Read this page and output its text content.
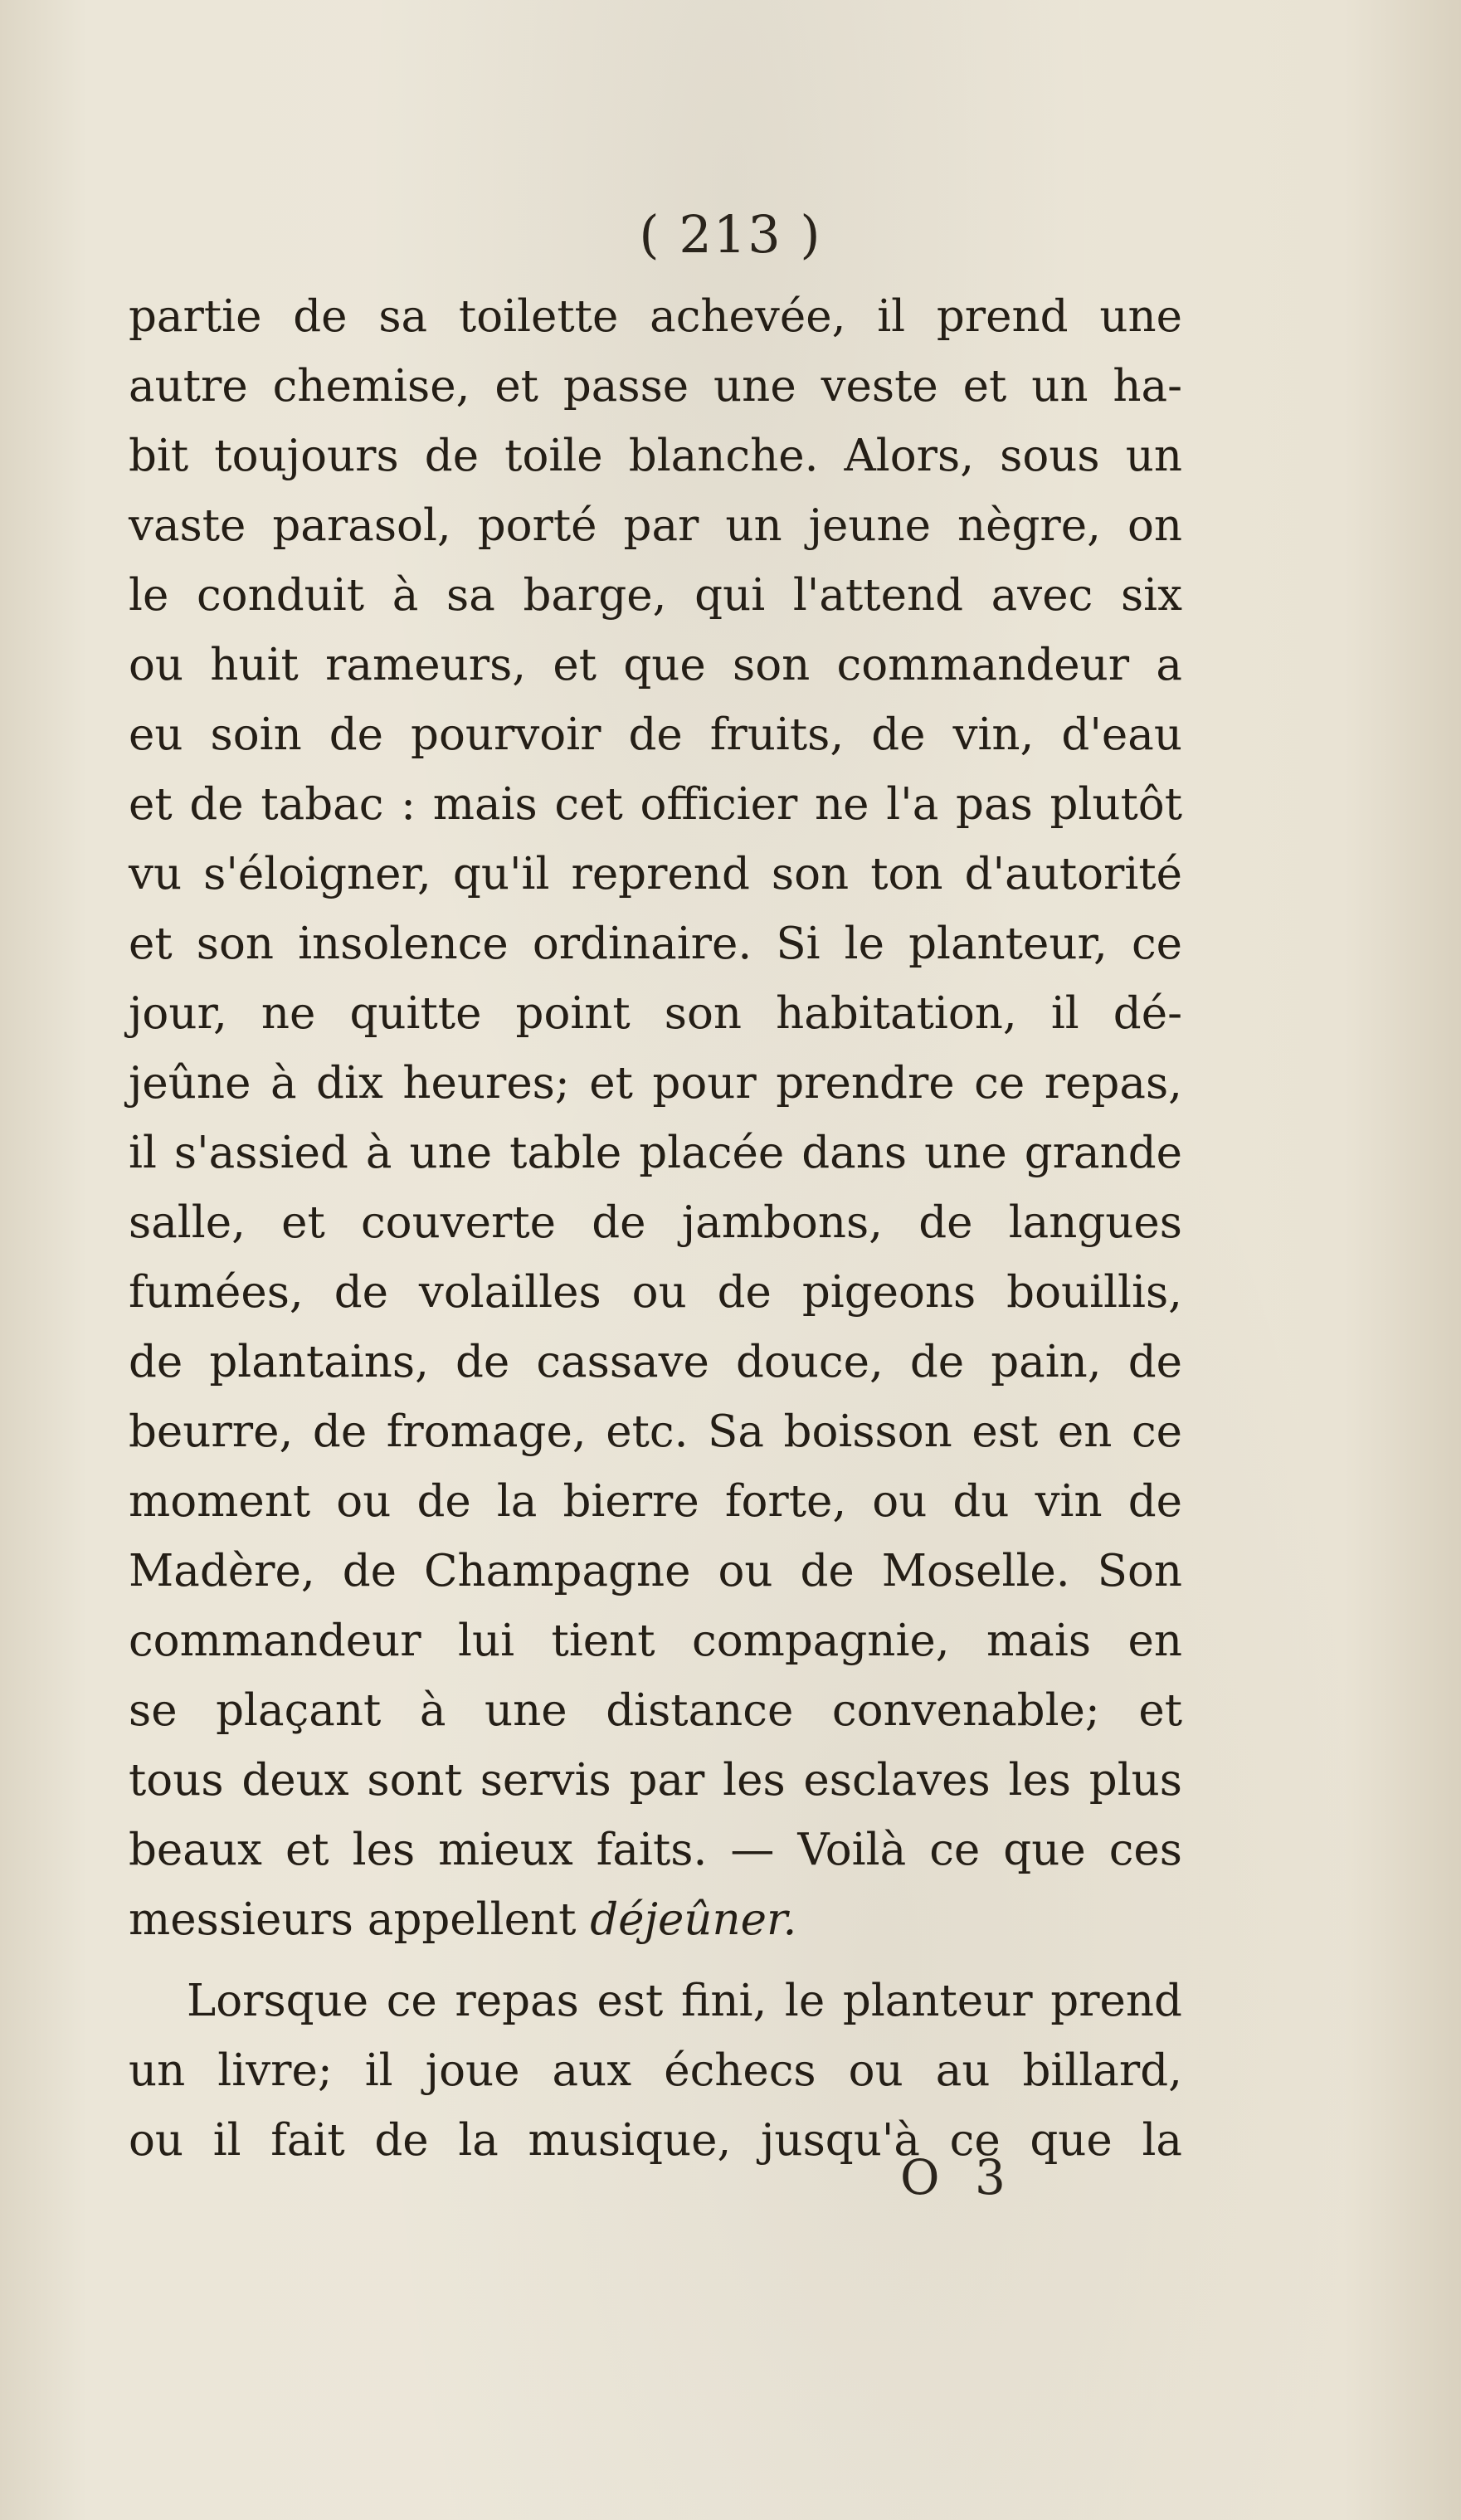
( 213 )
partie de sa toilette achevée, il prend une
autre chemise, et passe une veste et un ha-
bit toujours de toile blanche. Alors, sous un
vaste parasol, porté par un jeune nègre, on
le conduit à sa barge, qui l'attend avec six
ou huit rameurs, et que son commandeur a
eu soin de pourvoir de fruits, de vin, d'eau
et de tabac : mais cet officier ne l'a pas plutôt
vu s'éloigner, qu'il reprend son ton d'autorité
et son insolence ordinaire. Si le planteur, ce
jour, ne quitte point son habitation, il dé-
jeûne à dix heures; et pour prendre ce repas,
il s'assied à une table placée dans une grande
salle, et couverte de jambons, de langues
fumées, de volailles ou de pigeons bouillis,
de plantains, de cassave douce, de pain, de
beurre, de fromage, etc. Sa boisson est en ce
moment ou de la bierre forte, ou du vin de
Madère, de Champagne ou de Moselle. Son
commandeur lui tient compagnie, mais en
se plaçant à une distance convenable; et
tous deux sont servis par les esclaves les plus
beaux et les mieux faits. — Voilà ce que ces
messieurs appellent déjeûner.
Lorsque ce repas est fini, le planteur prend
un livre; il joue aux échecs ou au billard,
ou il fait de la musique, jusqu'à ce que la
O 3
